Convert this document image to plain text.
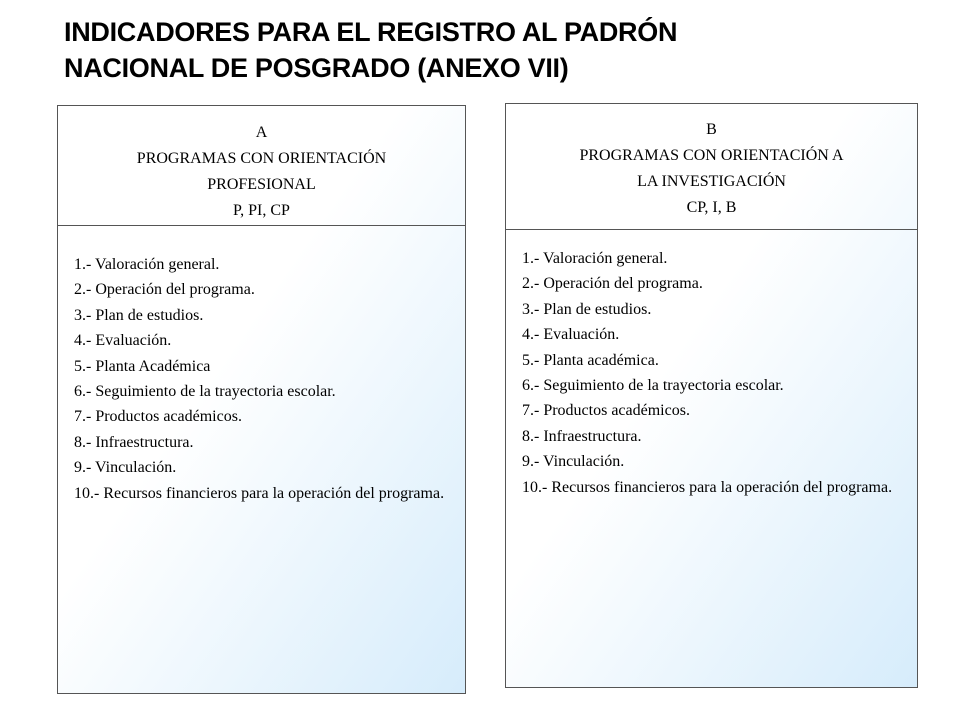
INDICADORES PARA EL REGISTRO AL PADRÓN
NACIONAL DE POSGRADO (ANEXO VII)
A
PROGRAMAS CON ORIENTACIÓN
PROFESIONAL
P, PI, CP
1.- Valoración general.
2.- Operación del programa.
3.- Plan de estudios.
4.- Evaluación.
5.- Planta Académica
6.- Seguimiento de la trayectoria escolar.
7.- Productos académicos.
8.- Infraestructura.
9.- Vinculación.
10.- Recursos financieros para la operación del programa.
B
PROGRAMAS CON ORIENTACIÓN A
LA INVESTIGACIÓN
CP, I, B
1.- Valoración general.
2.- Operación del programa.
3.- Plan de estudios.
4.- Evaluación.
5.- Planta académica.
6.- Seguimiento de la trayectoria escolar.
7.- Productos académicos.
8.- Infraestructura.
9.- Vinculación.
10.- Recursos financieros para la operación del programa.
